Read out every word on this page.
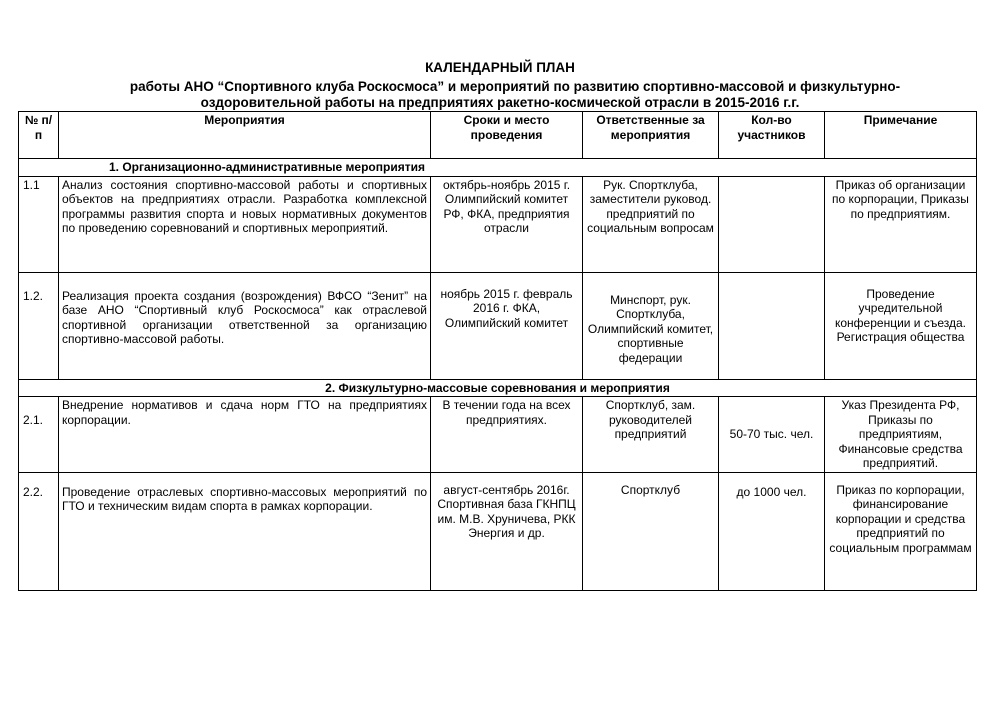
КАЛЕНДАРНЫЙ ПЛАН
работы АНО “Спортивного клуба Роскосмоса” и мероприятий по развитию спортивно-массовой и физкультурно-
оздоровительной работы на предприятиях ракетно-космической отрасли в 2015-2016 г.г.
№ п/п	Мероприятия	Сроки и место проведения	Ответственные за мероприятия	Кол-во участников	Примечание
1. Организационно-административные мероприятия					
1.1	Анализ состояния спортивно-массовой работы и спортивных объектов на предприятиях отрасли. Разработка комплексной программы развития спорта и новых нормативных документов по проведению соревнований и спортивных мероприятий.	октябрь-ноябрь 2015 г. Олимпийский комитет РФ, ФКА, предприятия отрасли	Рук. Спортклуба, заместители руковод. предприятий по социальным вопросам		Приказ об организации по корпорации, Приказы по предприятиям.
1.2.	Реализация проекта создания (возрождения) ВФСО “Зенит” на базе АНО “Спортивный клуб Роскосмоса” как отраслевой спортивной организации ответственной за организацию спортивно-массовой работы.	ноябрь 2015 г. февраль 2016 г. ФКА, Олимпийский комитет	Минспорт, рук. Спортклуба, Олимпийский комитет, спортивные федерации		Проведение учредительной конференции и съезда. Регистрация общества
2. Физкультурно-массовые соревнования и мероприятия					
2.1.	Внедрение нормативов и сдача норм ГТО на предприятиях корпорации.	В течении года на всех предприятиях.	Спортклуб, зам. руководителей предприятий	50-70 тыс. чел.	Указ Президента РФ, Приказы по предприятиям, Финансовые средства предприятий.
2.2.	Проведение отраслевых спортивно-массовых мероприятий по ГТО и техническим видам спорта в рамках корпорации.	август-сентябрь 2016г. Спортивная база ГКНПЦ им. М.В. Хруничева, РКК Энергия и др.	Спортклуб	до 1000 чел.	Приказ по корпорации, финансирование корпорации и средства предприятий по социальным программам
